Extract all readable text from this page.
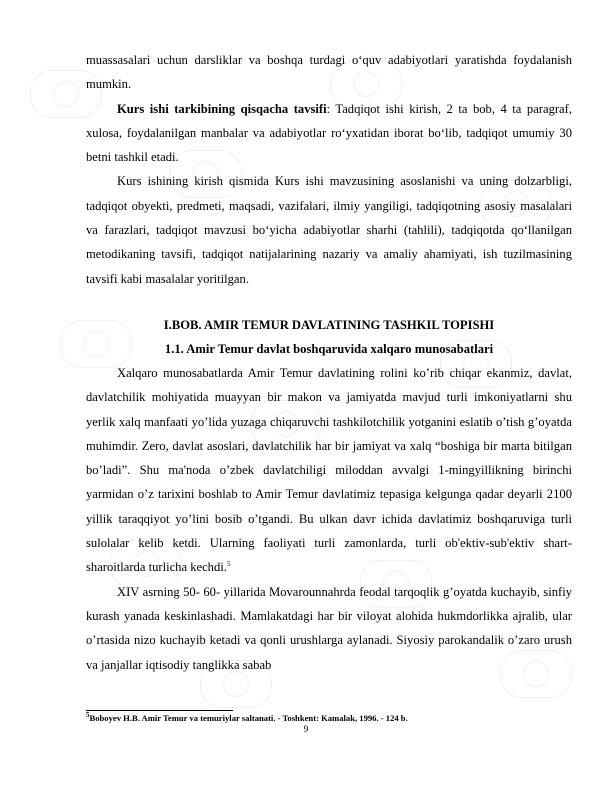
muassasalari uchun darsliklar va boshqa turdagi o‘quv adabiyotlari yaratishda foydalanish mumkin.

Kurs ishi tarkibining qisqacha tavsifi: Tadqiqot ishi kirish, 2 ta bob, 4 ta paragraf, xulosa, foydalanilgan manbalar va adabiyotlar ro‘yxatidan iborat bo‘lib, tadqiqot umumiy 30 betni tashkil etadi.

Kurs ishining kirish qismida Kurs ishi mavzusining asoslanishi va uning dolzarbligi, tadqiqot obyekti, predmeti, maqsadi, vazifalari, ilmiy yangiligi, tadqiqotning asosiy masalalari va farazlari, tadqiqot mavzusi bo‘yicha adabiyotlar sharhi (tahlili), tadqiqotda qo‘llanilgan metodikaning tavsifi, tadqiqot natijalarining nazariy va amaliy ahamiyati, ish tuzilmasining tavsifi kabi masalalar yoritilgan.

I.BOB. AMIR TEMUR DAVLATINING TASHKIL TOPISHI

1.1. Amir Temur davlat boshqaruvida xalqaro munosabatlari

Xalqaro munosabatlarda Amir Temur davlatining rolini ko’rib chiqar ekanmiz, davlat, davlatchilik mohiyatida muayyan bir makon va jamiyatda mavjud turli imkoniyatlarni shu yerlik xalq manfaati yo’lida yuzaga chiqaruvchi tashkilotchilik yotganini eslatib o’tish g’oyatda muhimdir. Zero, davlat asoslari, davlatchilik har bir jamiyat va xalq “boshiga bir marta bitilgan bo’ladi”. Shu ma'noda o’zbek davlatchiligi miloddan avvalgi 1-mingyillikning birinchi yarmidan o’z tarixini boshlab to Amir Temur davlatimiz tepasiga kelgunga qadar deyarli 2100 yillik taraqqiyot yo’lini bosib o’tgandi. Bu ulkan davr ichida davlatimiz boshqaruviga turli sulolalar kelib ketdi. Ularning faoliyati turli zamonlarda, turli ob'ektiv-sub'ektiv shart-sharoitlarda turlicha kechdi.$^5$

XIV asrning 50- 60- yillarida Movarounnahrda feodal tarqoqlik g’oyatda kuchayib, sinfiy kurash yanada keskinlashadi. Mamlakatdagi har bir viloyat alohida hukmdorlikka ajralib, ular o’rtasida nizo kuchayib ketadi va qonli urushlarga aylanadi. Siyosiy parokandalik o’zaro urush va janjallar iqtisodiy tanglikka sabab

$^5$Boboyev H.B. Amir Temur va temuriylar saltanati. - Toshkent: Kamalak, 1996. - 124 b.
9
